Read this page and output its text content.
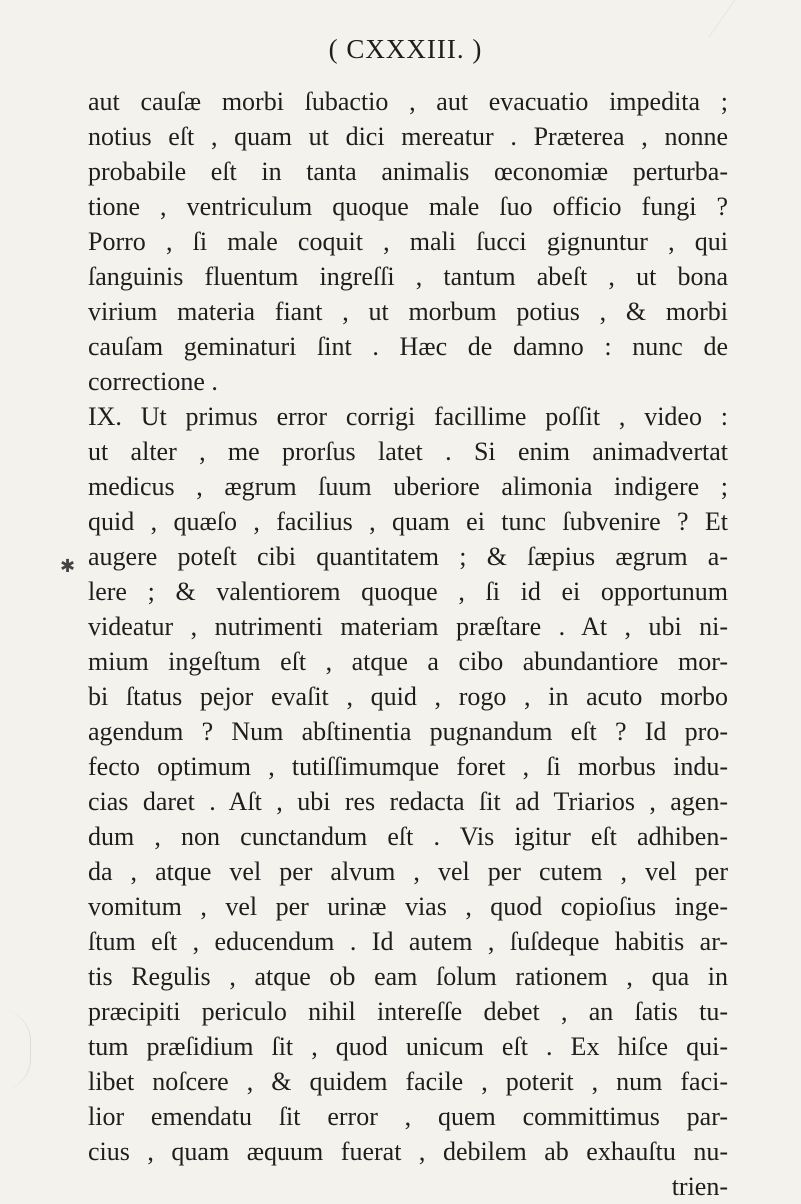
( CXXXIII. )
aut cauſæ morbi ſubactio , aut evacuatio impedita ;
notius eſt , quam ut dici mereatur . Præterea , nonne
probabile eſt in tanta animalis œconomiæ perturba-
tione , ventriculum quoque male ſuo officio fungi ?
Porro , ſi male coquit , mali ſucci gignuntur , qui
ſanguinis fluentum ingreſſi , tantum abeſt , ut bona
virium materia fiant , ut morbum potius , & morbi
cauſam geminaturi ſint . Hæc de damno : nunc de
correctione .
IX. Ut primus error corrigi facillime poſſit , video :
ut alter , me prorſus latet . Si enim animadvertat
medicus , ægrum ſuum uberiore alimonia indigere ;
quid , quæſo , facilius , quam ei tunc ſubvenire ? Et
augere poteſt cibi quantitatem ; & ſæpius ægrum a-
lere ; & valentiorem quoque , ſi id ei opportunum
videatur , nutrimenti materiam præſtare . At , ubi ni-
mium ingeſtum eſt , atque a cibo abundantiore mor-
bi ſtatus pejor evaſit , quid , rogo , in acuto morbo
agendum ? Num abſtinentia pugnandum eſt ? Id pro-
fecto optimum , tutiſſimumque foret , ſi morbus indu-
cias daret . Aſt , ubi res redacta ſit ad Triarios , agen-
dum , non cunctandum eſt . Vis igitur eſt adhiben-
da , atque vel per alvum , vel per cutem , vel per
vomitum , vel per urinæ vias , quod copioſius inge-
ſtum eſt , educendum . Id autem , ſuſdeque habitis ar-
tis Regulis , atque ob eam ſolum rationem , qua in
præcipiti periculo nihil intereſſe debet , an ſatis tu-
tum præſidium ſit , quod unicum eſt . Ex hiſce qui-
libet noſcere , & quidem facile , poterit , num faci-
lior emendatu ſit error , quem committimus par-
cius , quam æquum fuerat , debilem ab exhauſtu nu-
trien-
✱
